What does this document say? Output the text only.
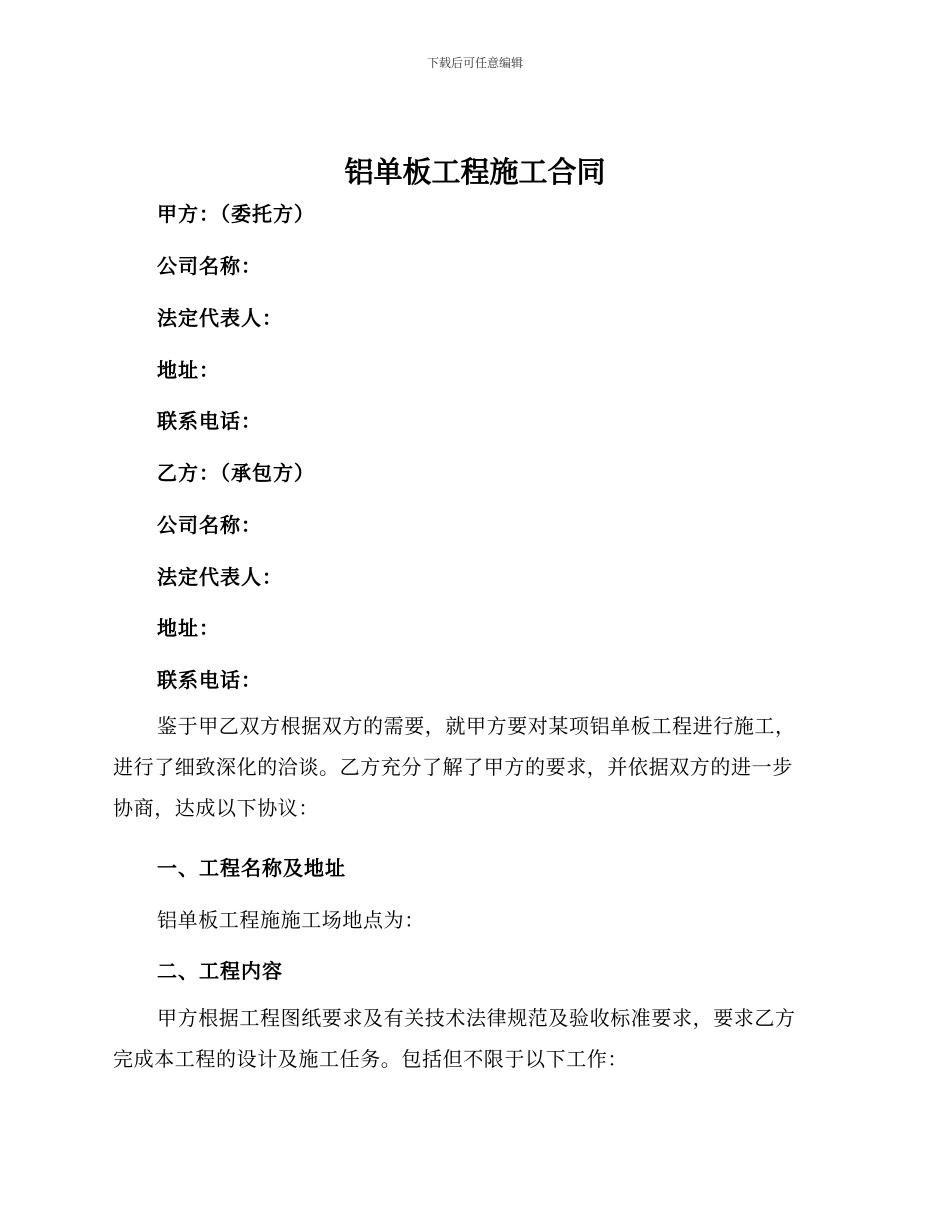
下载后可任意编辑
铝单板工程施工合同
甲方：（委托方）
公司名称：
法定代表人：
地址：
联系电话：
乙方：（承包方）
公司名称：
法定代表人：
地址：
联系电话：
鉴于甲乙双方根据双方的需要，就甲方要对某项铝单板工程进行施工，
进行了细致深化的洽谈。乙方充分了解了甲方的要求，并依据双方的进一步
协商，达成以下协议：
一、工程名称及地址
铝单板工程施施工场地点为：
二、工程内容
甲方根据工程图纸要求及有关技术法律规范及验收标准要求，要求乙方
完成本工程的设计及施工任务。包括但不限于以下工作：
